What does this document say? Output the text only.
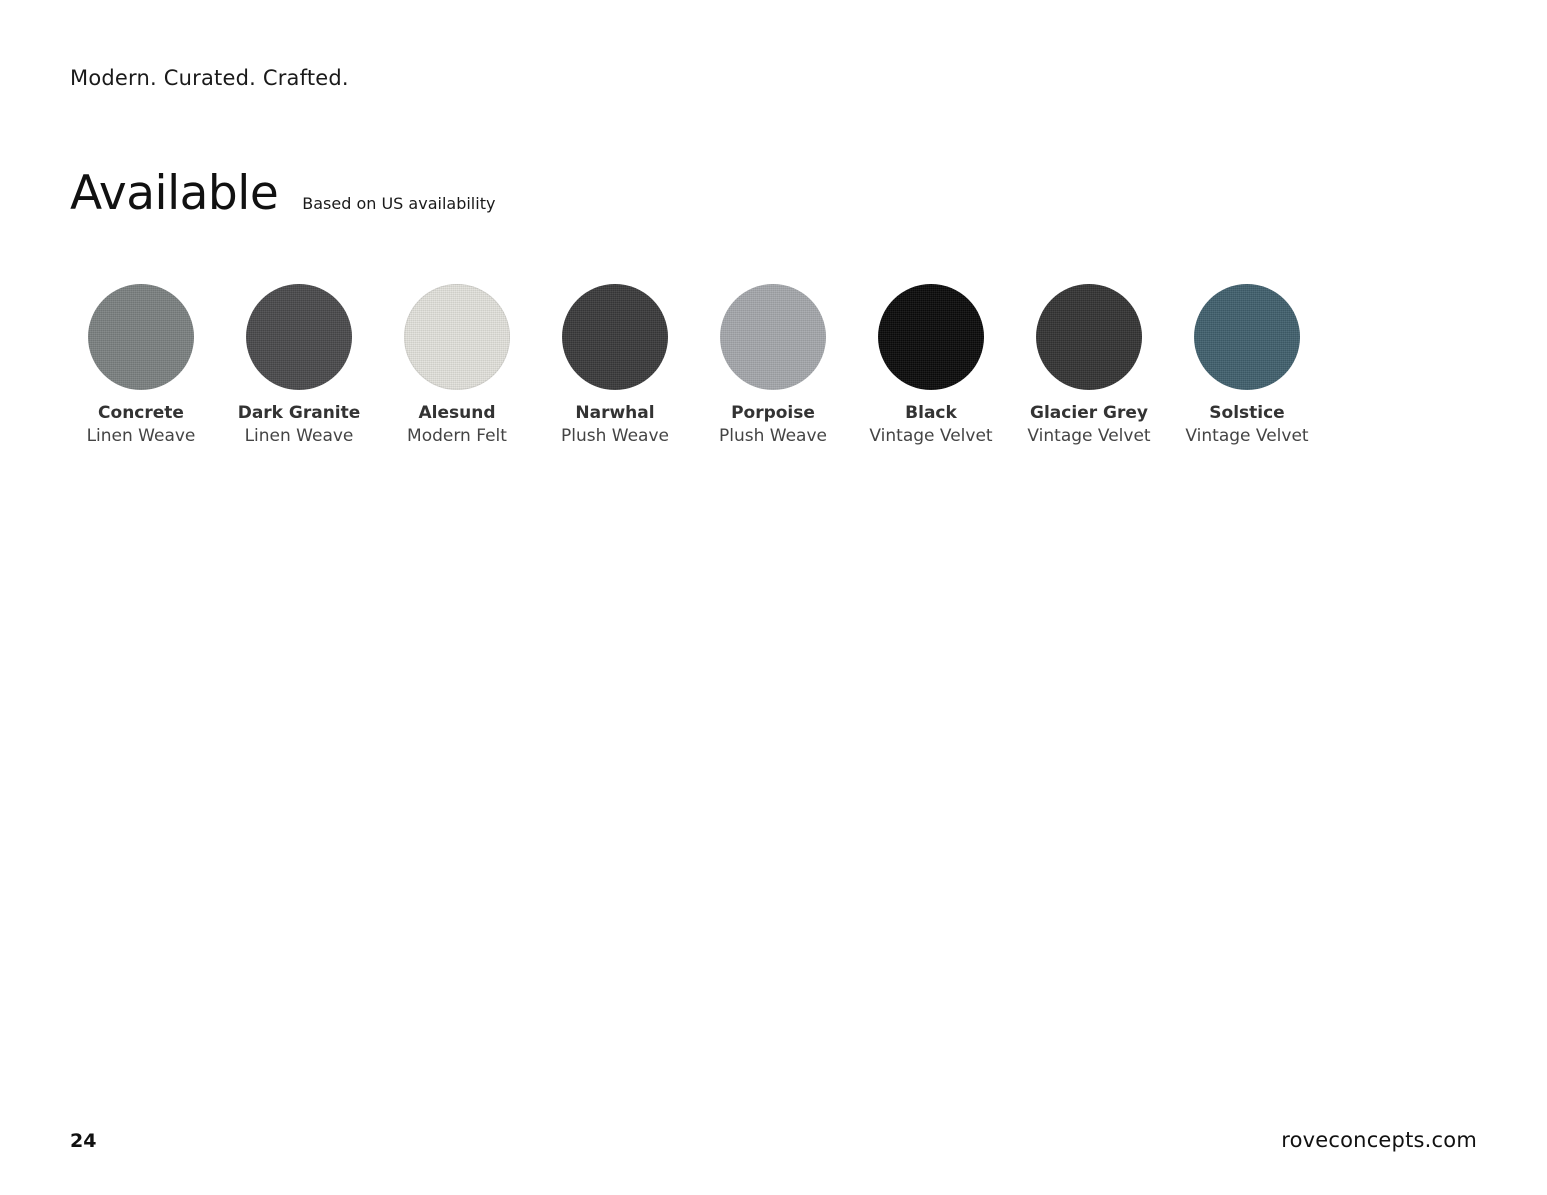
Modern. Curated. Crafted.
Available Based on US availability
Concrete
Linen Weave
Dark Granite
Linen Weave
Alesund
Modern Felt
Narwhal
Plush Weave
Porpoise
Plush Weave
Black
Vintage Velvet
Glacier Grey
Vintage Velvet
Solstice
Vintage Velvet
24	roveconcepts.com
